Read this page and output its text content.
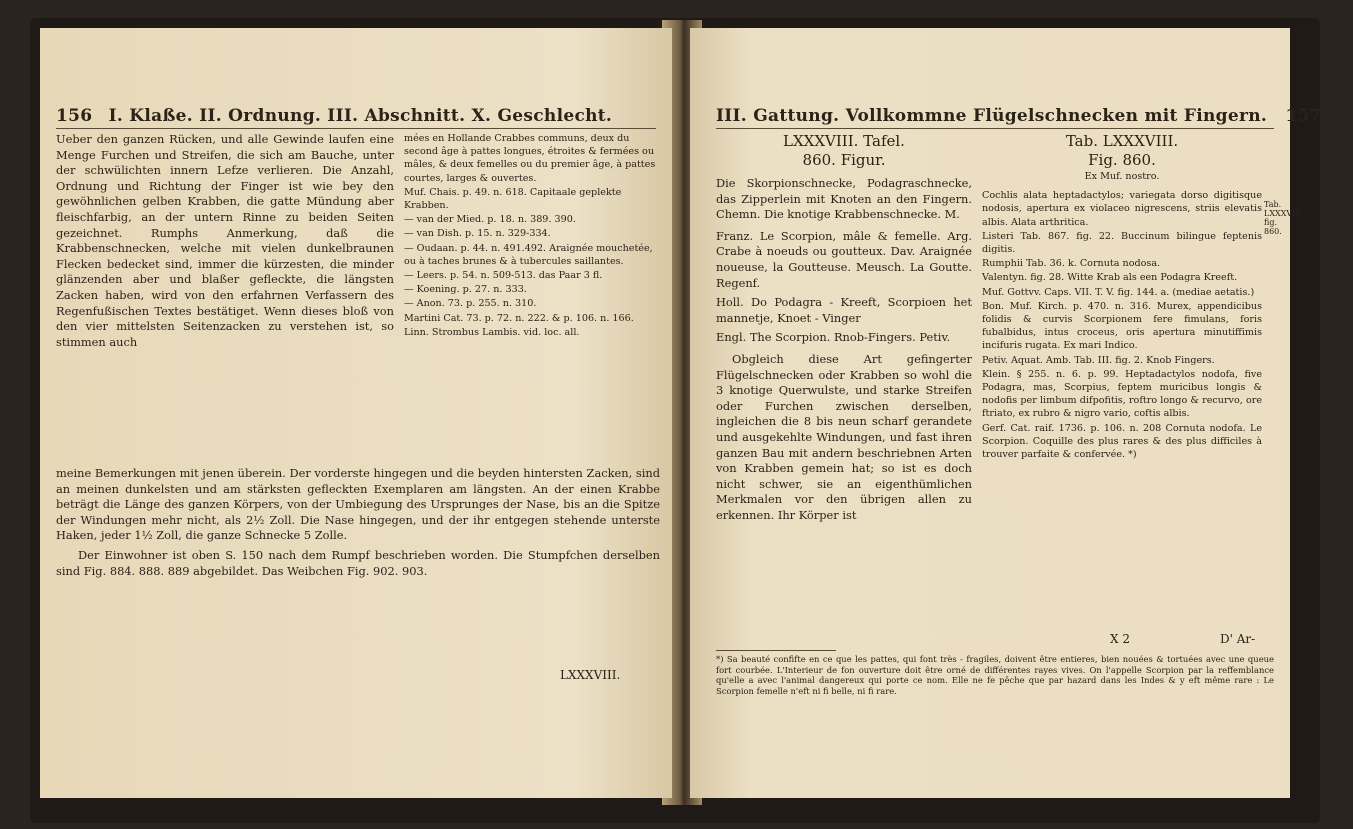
156 I. Klaße. II. Ordnung. III. Abschnitt. X. Geschlecht.

Ueber den ganzen Rücken, und alle Gewinde laufen eine Menge Furchen und Streifen, die sich am Bauche, unter der schwülichten innern Lefze verlieren. Die Anzahl, Ordnung und Richtung der Finger ist wie bey den gewöhnlichen gelben Krabben, die gatte Mündung aber fleischfarbig, an der untern Rinne zu beiden Seiten gezeichnet. Rumphs Anmerkung, daß die Krabbenschnecken, welche mit vielen dunkelbraunen Flecken bedecket sind, immer die kürzesten, die minder glänzenden aber und blaßer gefleckte, die längsten Zacken haben, wird von den erfahrnen Verfassern des Regenfußischen Textes bestätiget. Wenn dieses bloß von den vier mittelsten Seitenzacken zu verstehen ist, so stimmen auch

mées en Hollande Crabbes communs, deux du second âge à pattes longues, étroites & fermées ou mâles, & deux femelles ou du premier âge, à pattes courtes, larges & ouvertes.

Muf. Chais. p. 49. n. 618. Capitaale geplekte Krabben.

— van der Mied. p. 18. n. 389. 390.

— van Dish. p. 15. n. 329-334.

— Oudaan. p. 44. n. 491.492. Araignée mouchetée, ou à taches brunes & à tubercules saillantes.

— Leers. p. 54. n. 509-513. das Paar 3 fl.

— Koening. p. 27. n. 333.

— Anon. 73. p. 255. n. 310.

Martini Cat. 73. p. 72. n. 222. & p. 106. n. 166.

Linn. Strombus Lambis. vid. loc. all.

meine Bemerkungen mit jenen überein. Der vorderste hingegen und die beyden hintersten Zacken, sind an meinen dunkelsten und am stärksten gefleckten Exemplaren am längsten. An der einen Krabbe beträgt die Länge des ganzen Körpers, von der Umbiegung des Ursprunges der Nase, bis an die Spitze der Windungen mehr nicht, als 2½ Zoll. Die Nase hingegen, und der ihr entgegen stehende unterste Haken, jeder 1½ Zoll, die ganze Schnecke 5 Zolle.

Der Einwohner ist oben S. 150 nach dem Rumpf beschrieben worden. Die Stumpfchen derselben sind Fig. 884. 888. 889 abgebildet. Das Weibchen Fig. 902. 903.

LXXXVIII.
III. Gattung. Vollkommne Flügelschnecken mit Fingern. 157
LXXXVIII. Tafel.
860. Figur.

Die Skorpionschnecke, Podagraschnecke, das Zipperlein mit Knoten an den Fingern. Chemn. Die knotige Krabbenschnecke. M.

Franz. Le Scorpion, mâle & femelle. Arg. Crabe à noeuds ou goutteux. Dav. Araignée noueuse, la Goutteuse. Meusch. La Goutte. Regenf.

Holl. Do Podagra - Kreeft, Scorpioen het mannetje, Knoet - Vinger

Engl. The Scorpion. Rnob-Fingers. Petiv.

Obgleich diese Art gefingerter Flügelschnecken oder Krabben so wohl die 3 knotige Querwulste, und starke Streifen oder Furchen zwischen derselben, ingleichen die 8 bis neun scharf gerandete und ausgekehlte Windungen, und fast ihren ganzen Bau mit andern beschriebnen Arten von Krabben gemein hat; so ist es doch nicht schwer, sie an eigenthümlichen Merkmalen vor den übrigen allen zu erkennen. Ihr Körper ist

Tab. LXXXVIII.
Fig. 860.
Ex Muf. nostro.

Cochlis alata heptadactylos; variegata dorso digitisque nodosis, apertura ex violaceo nigrescens, striis elevatis albis. Alata arthritica.

Listeri Tab. 867. fig. 22. Buccinum bilingue feptenis digitis.

Rumphii Tab. 36. k. Cornuta nodosa.

Valentyn. fig. 28. Witte Krab als een Podagra Kreeft.

Muf. Gottvv. Caps. VII. T. V. fig. 144. a. (mediae aetatis.)

Bon. Muf. Kirch. p. 470. n. 316. Murex, appendicibus folidis & curvis Scorpionem fere fimulans, foris fubalbidus, intus croceus, oris apertura minutiffimis incifuris rugata. Ex mari Indico.

Petiv. Aquat. Amb. Tab. III. fig. 2. Knob Fingers.

Klein. § 255. n. 6. p. 99. Heptadactylos nodofa, five Podagra, mas, Scorpius, feptem muricibus longis & nodofis per limbum difpofitis, roftro longo & recurvo, ore ftriato, ex rubro & nigro vario, coftis albis.

Gerf. Cat. raif. 1736. p. 106. n. 208 Cornuta nodofa. Le Scorpion. Coquille des plus rares & des plus difficiles à trouver parfaite & confervée. *)

Tab.
LXXXVIII
fig. 860.
X 2	D' Ar-
*) Sa beauté confifte en ce que les pattes, qui font très - fragiles, doivent être entieres, bien nouées & tortuées avec une queue fort courbée. L'Interieur de fon ouverture doit être orné de différentes rayes vives. On l'appelle Scorpion par la reffemblance qu'elle a avec l'animal dangereux qui porte ce nom. Elle ne fe pêche que par hazard dans les Indes & y eft même rare : Le Scorpion femelle n'eft ni fi belle, ni fi rare.
